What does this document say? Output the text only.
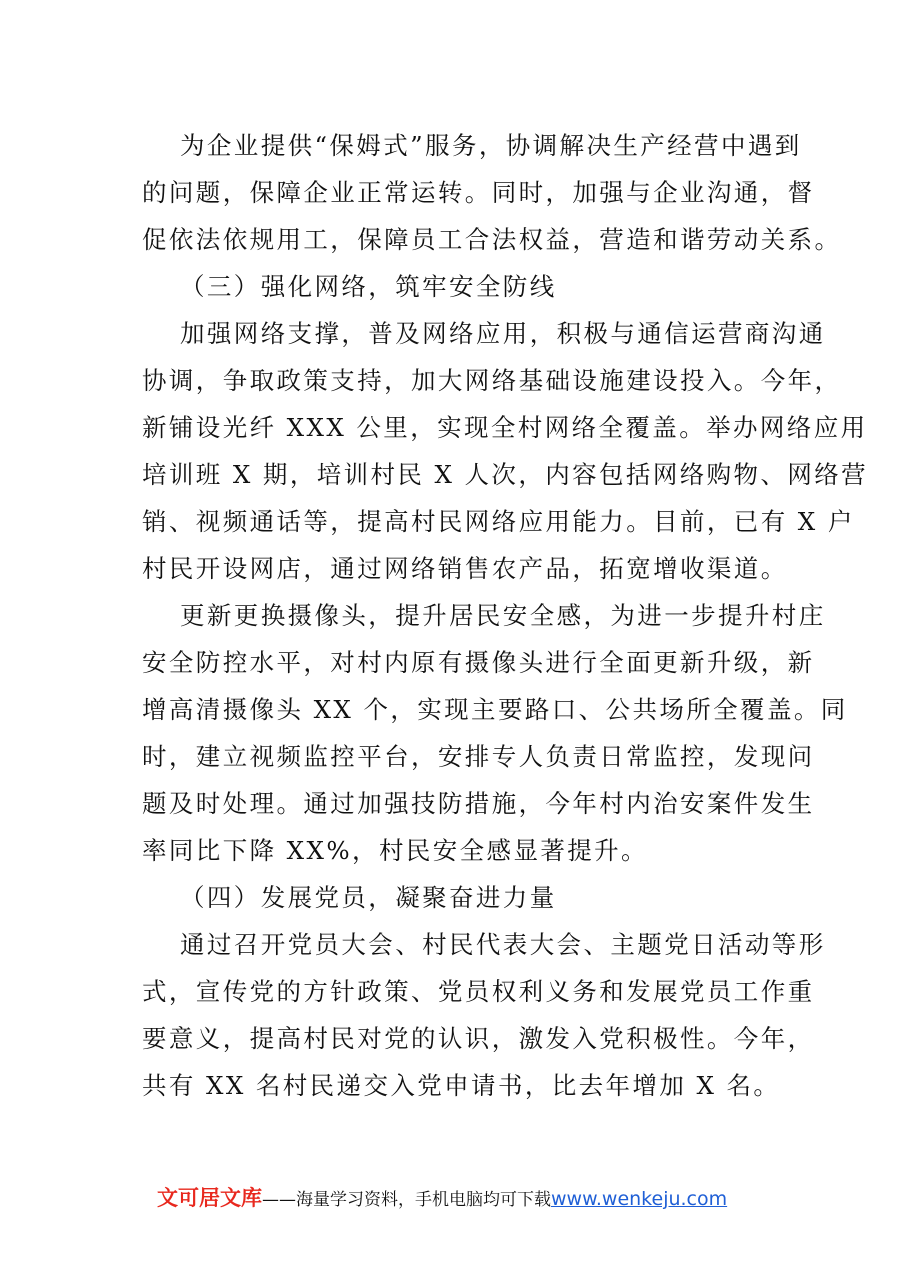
为企业提供“保姆式”服务，协调解决生产经营中遇到
的问题，保障企业正常运转。同时，加强与企业沟通，督
促依法依规用工，保障员工合法权益，营造和谐劳动关系。
（三）强化网络，筑牢安全防线
加强网络支撑，普及网络应用，积极与通信运营商沟通
协调，争取政策支持，加大网络基础设施建设投入。今年，
新铺设光纤 XXX 公里，实现全村网络全覆盖。举办网络应用
培训班 X 期，培训村民 X 人次，内容包括网络购物、网络营
销、视频通话等，提高村民网络应用能力。目前，已有 X 户
村民开设网店，通过网络销售农产品，拓宽增收渠道。
更新更换摄像头，提升居民安全感，为进一步提升村庄
安全防控水平，对村内原有摄像头进行全面更新升级，新
增高清摄像头 XX 个，实现主要路口、公共场所全覆盖。同
时，建立视频监控平台，安排专人负责日常监控，发现问
题及时处理。通过加强技防措施，今年村内治安案件发生
率同比下降 XX%，村民安全感显著提升。
（四）发展党员，凝聚奋进力量
通过召开党员大会、村民代表大会、主题党日活动等形
式，宣传党的方针政策、党员权利义务和发展党员工作重
要意义，提高村民对党的认识，激发入党积极性。今年，
共有 XX 名村民递交入党申请书，比去年增加 X 名。
文可居文库——海量学习资料，手机电脑均可下载www.wenkeju.com
